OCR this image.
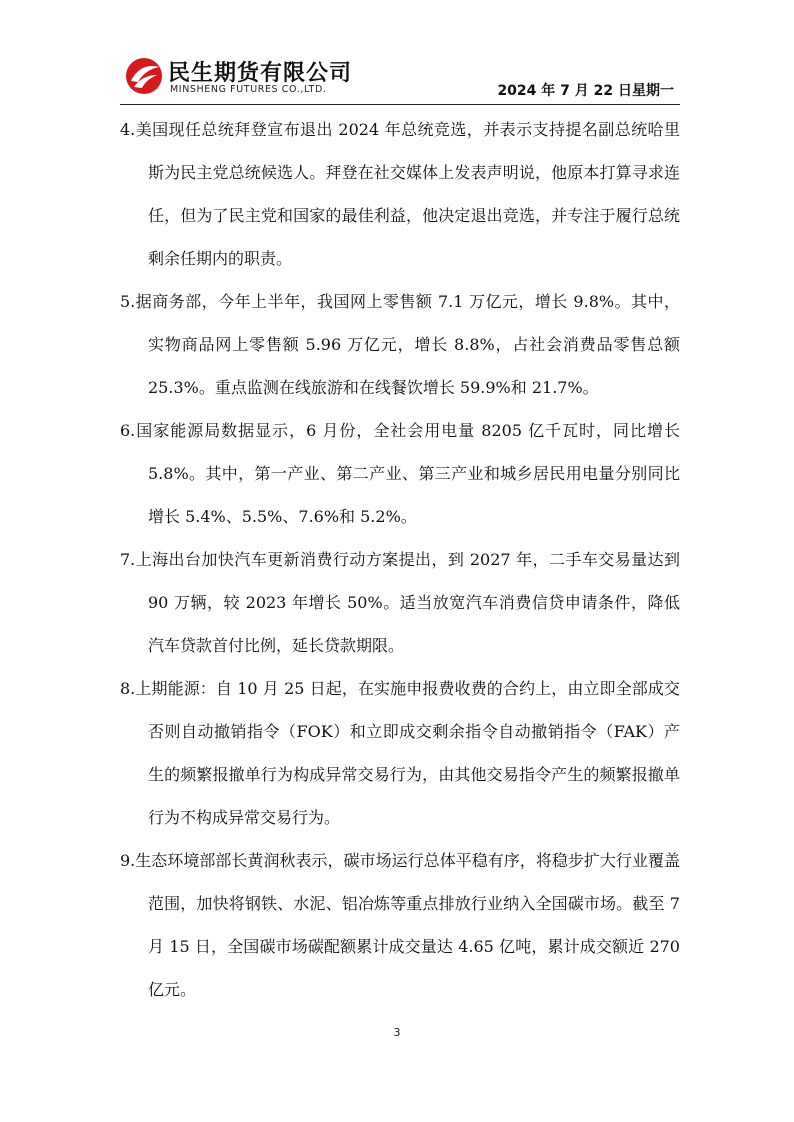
民生期货有限公司
MINSHENG FUTURES CO.,LTD.	2024 年 7 月 22 日星期一

4.美国现任总统拜登宣布退出 2024 年总统竞选，并表示支持提名副总统哈里斯为民主党总统候选人。拜登在社交媒体上发表声明说，他原本打算寻求连任，但为了民主党和国家的最佳利益，他决定退出竞选，并专注于履行总统剩余任期内的职责。

5.据商务部，今年上半年，我国网上零售额 7.1 万亿元，增长 9.8%。其中，实物商品网上零售额 5.96 万亿元，增长 8.8%，占社会消费品零售总额 25.3%。重点监测在线旅游和在线餐饮增长 59.9%和 21.7%。

6.国家能源局数据显示，6 月份，全社会用电量 8205 亿千瓦时，同比增长 5.8%。其中，第一产业、第二产业、第三产业和城乡居民用电量分别同比增长 5.4%、5.5%、7.6%和 5.2%。

7.上海出台加快汽车更新消费行动方案提出，到 2027 年，二手车交易量达到 90 万辆，较 2023 年增长 50%。适当放宽汽车消费信贷申请条件，降低汽车贷款首付比例，延长贷款期限。

8.上期能源：自 10 月 25 日起，在实施申报费收费的合约上，由立即全部成交否则自动撤销指令（FOK）和立即成交剩余指令自动撤销指令（FAK）产生的频繁报撤单行为构成异常交易行为，由其他交易指令产生的频繁报撤单行为不构成异常交易行为。

9.生态环境部部长黄润秋表示，碳市场运行总体平稳有序，将稳步扩大行业覆盖范围，加快将钢铁、水泥、铝冶炼等重点排放行业纳入全国碳市场。截至 7 月 15 日，全国碳市场碳配额累计成交量达 4.65 亿吨，累计成交额近 270 亿元。

3
